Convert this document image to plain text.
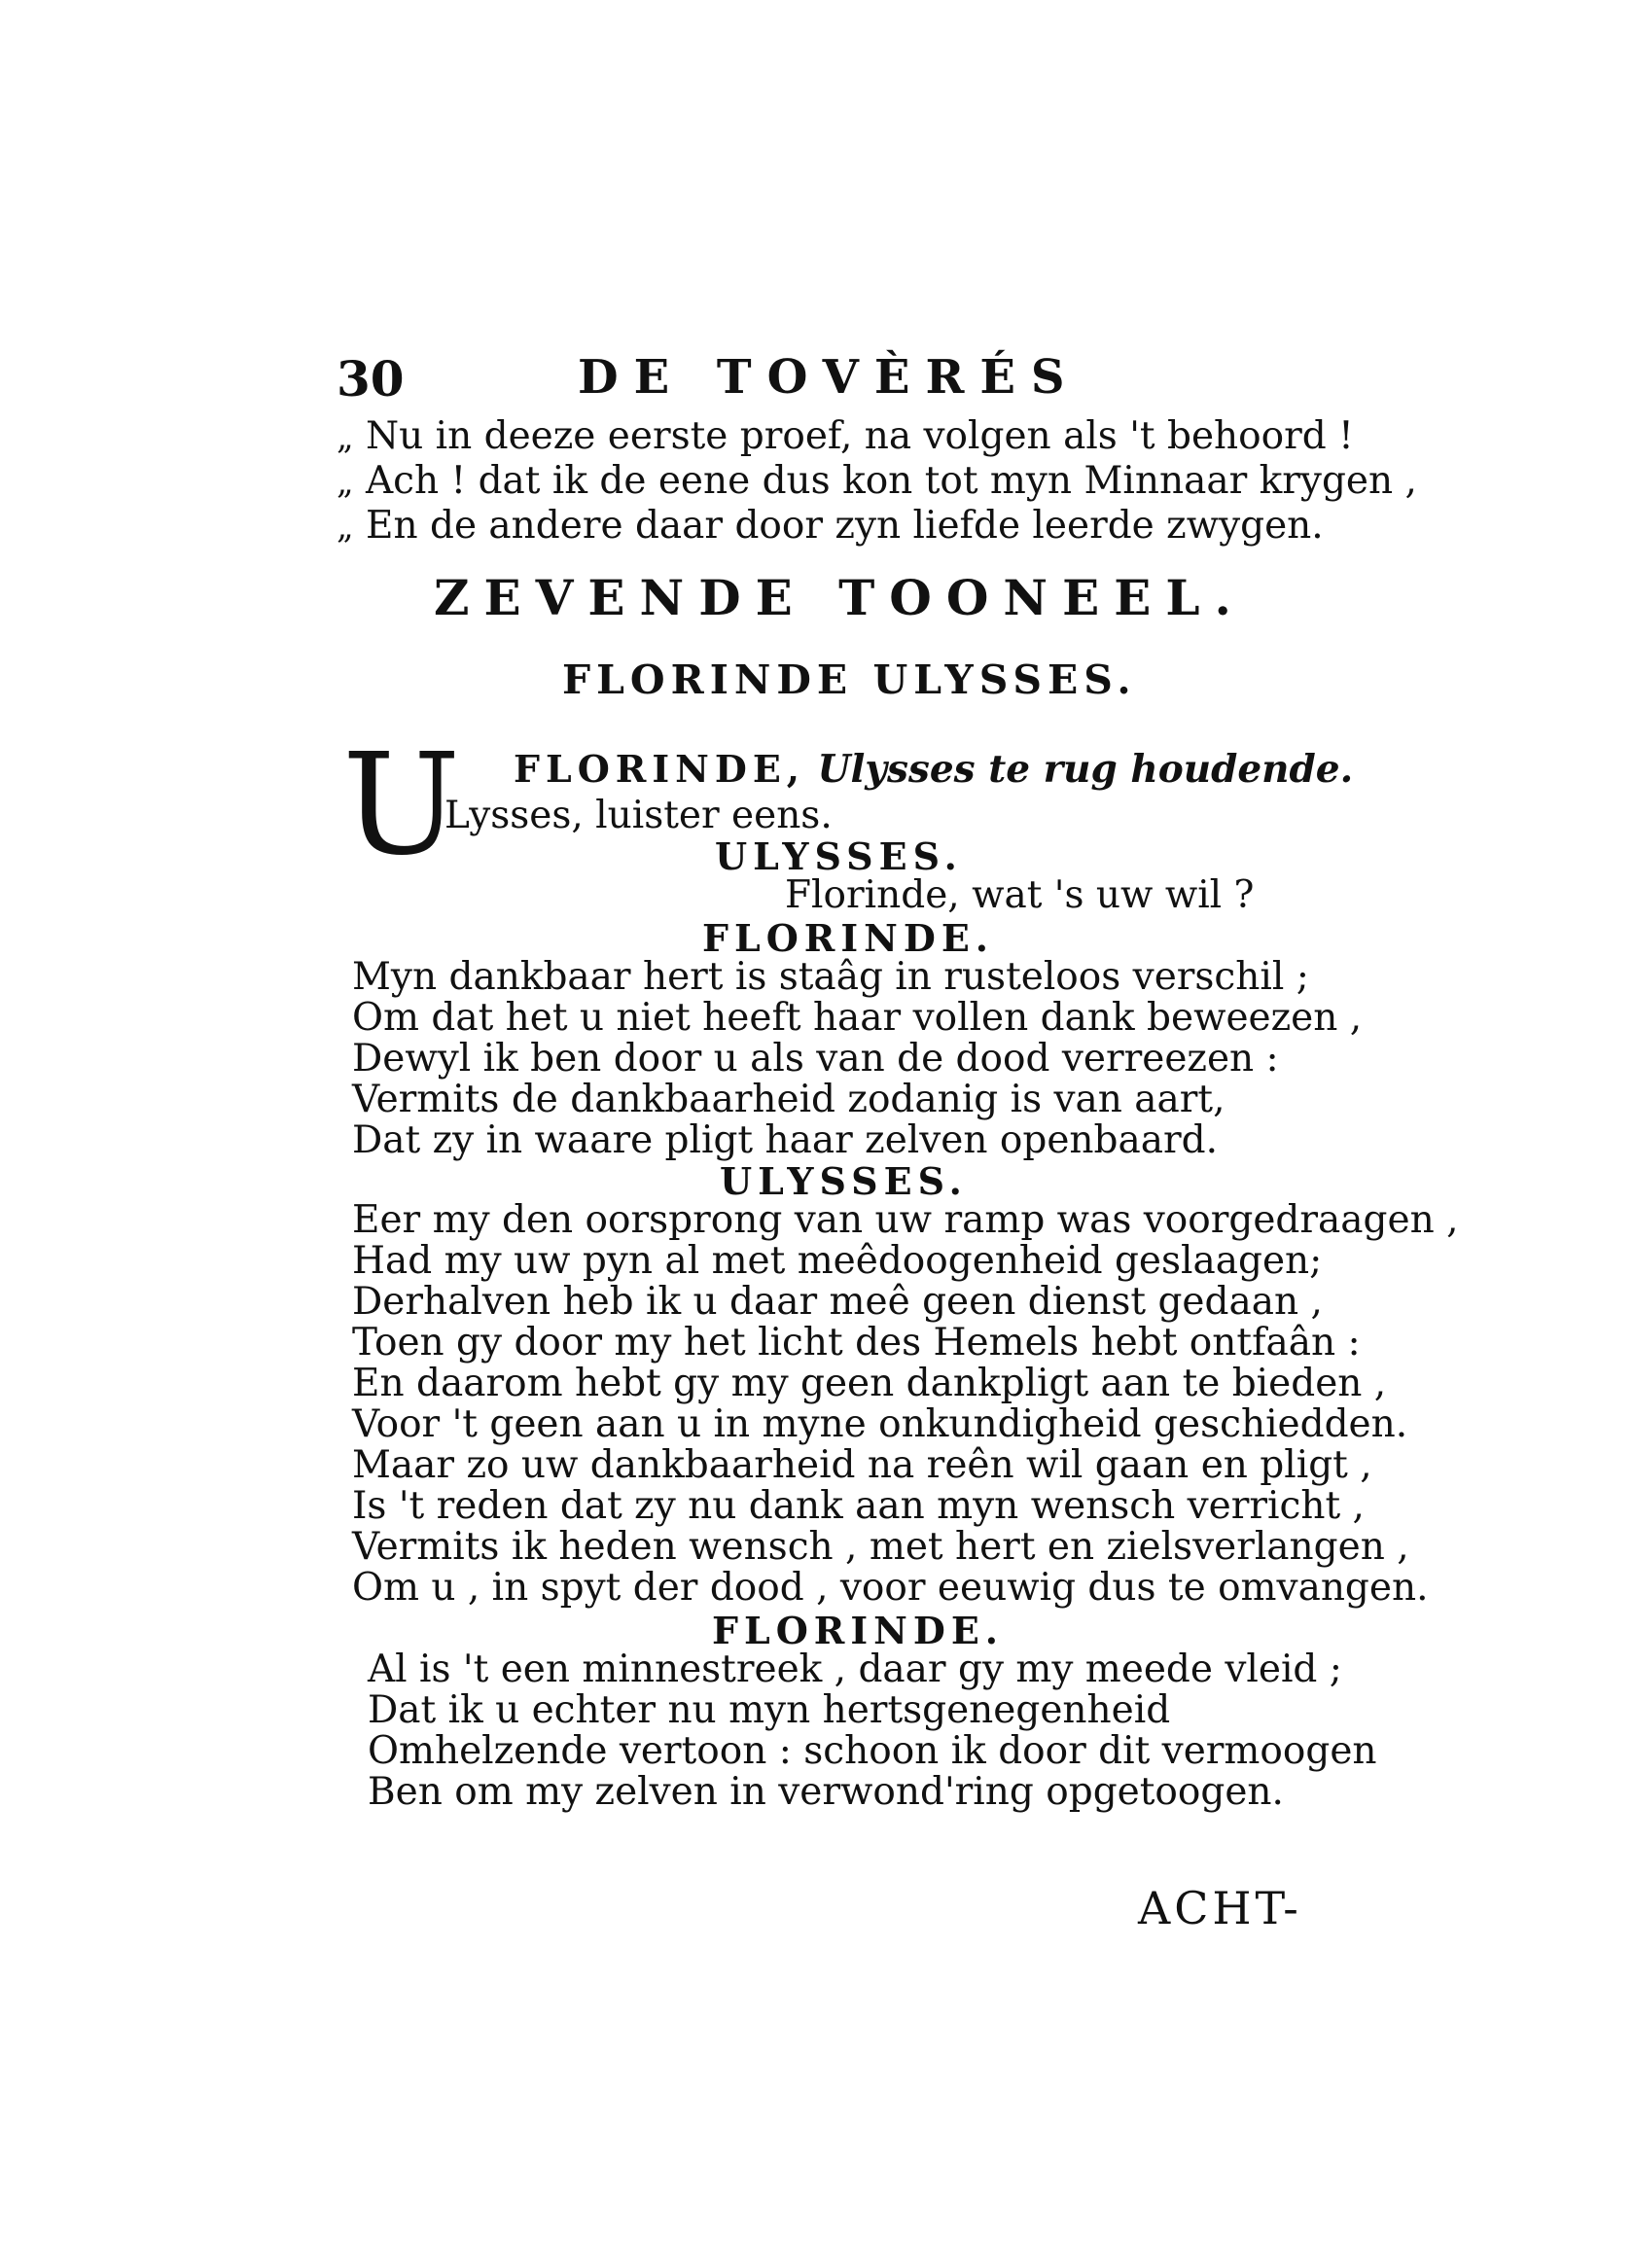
30	DE TOVÈRÉS
„ Nu in deeze eerste proef, na volgen als 't behoord !
„ Ach ! dat ik de eene dus kon tot myn Minnaar krygen ,
„ En de andere daar door zyn liefde leerde zwygen.
ZEVENDE TOONEEL.
FLORINDE ULYSSES.
U FLORINDE, Ulysses te rug houdende.
Lysses, luister eens.
ULYSSES.
Florinde, wat 's uw wil ?
FLORINDE.
Myn dankbaar hert is staâg in rusteloos verschil ;
Om dat het u niet heeft haar vollen dank beweezen ,
Dewyl ik ben door u als van de dood verreezen :
Vermits de dankbaarheid zodanig is van aart,
Dat zy in waare pligt haar zelven openbaard.
ULYSSES.
Eer my den oorsprong van uw ramp was voorgedraagen ,
Had my uw pyn al met meêdoogenheid geslaagen;
Derhalven heb ik u daar meê geen dienst gedaan ,
Toen gy door my het licht des Hemels hebt ontfaân :
En daarom hebt gy my geen dankpligt aan te bieden ,
Voor 't geen aan u in myne onkundigheid geschiedden.
Maar zo uw dankbaarheid na reên wil gaan en pligt ,
Is 't reden dat zy nu dank aan myn wensch verricht ,
Vermits ik heden wensch , met hert en zielsverlangen ,
Om u , in spyt der dood , voor eeuwig dus te omvangen.
FLORINDE.
Al is 't een minnestreek , daar gy my meede vleid ;
Dat ik u echter nu myn hertsgenegenheid
Omhelzende vertoon : schoon ik door dit vermoogen
Ben om my zelven in verwond'ring opgetoogen.
ACHT-
